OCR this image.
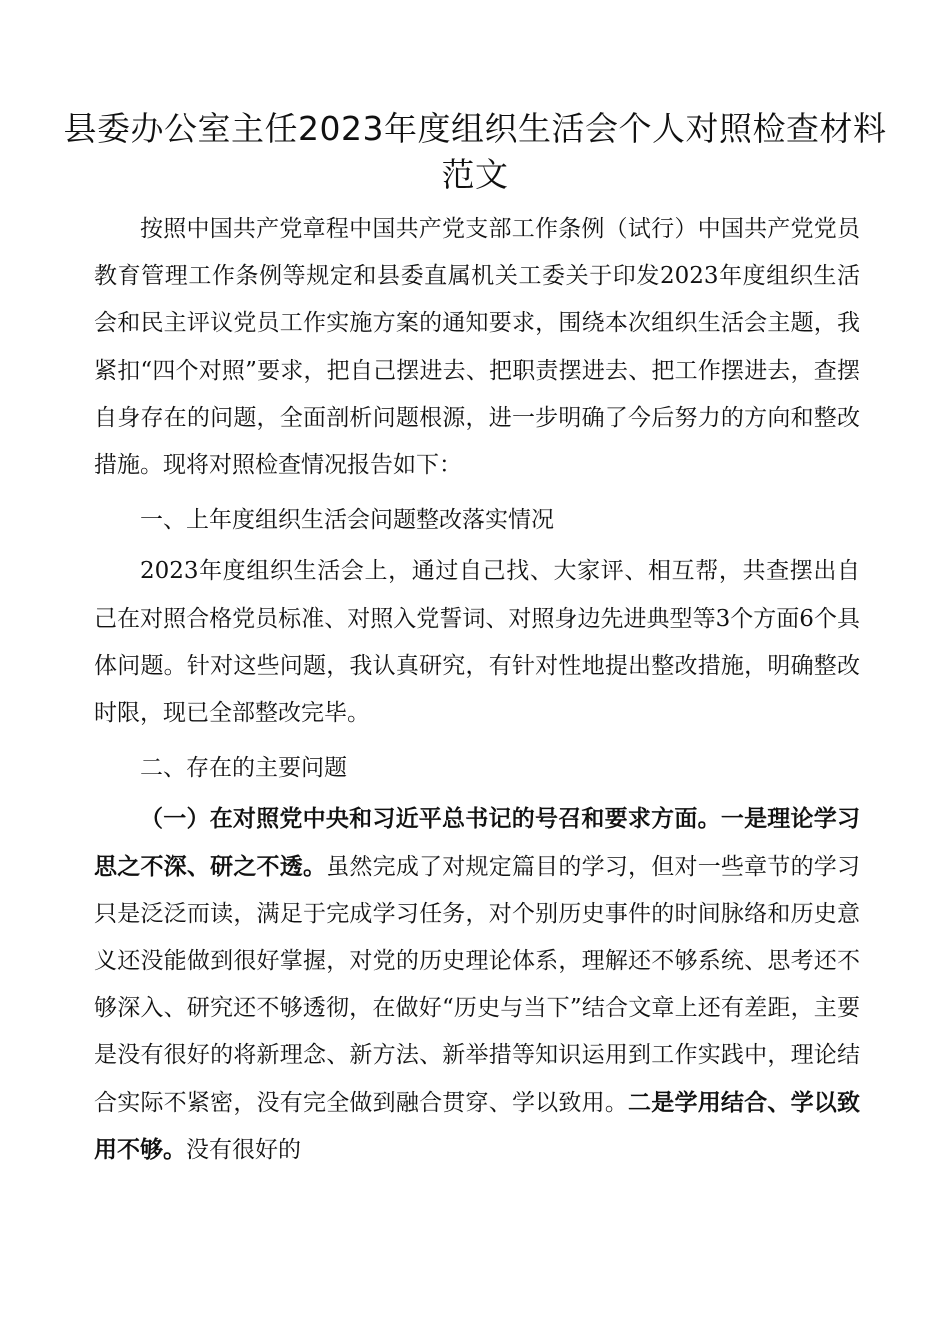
县委办公室主任2023年度组织生活会个人对照检查材料范文

按照中国共产党章程中国共产党支部工作条例（试行）中国共产党党员教育管理工作条例等规定和县委直属机关工委关于印发2023年度组织生活会和民主评议党员工作实施方案的通知要求，围绕本次组织生活会主题，我紧扣“四个对照”要求，把自己摆进去、把职责摆进去、把工作摆进去，查摆自身存在的问题，全面剖析问题根源，进一步明确了今后努力的方向和整改措施。现将对照检查情况报告如下：

一、上年度组织生活会问题整改落实情况

2023年度组织生活会上，通过自己找、大家评、相互帮，共查摆出自己在对照合格党员标准、对照入党誓词、对照身边先进典型等3个方面6个具体问题。针对这些问题，我认真研究，有针对性地提出整改措施，明确整改时限，现已全部整改完毕。

二、存在的主要问题

（一）在对照党中央和习近平总书记的号召和要求方面。一是理论学习思之不深、研之不透。虽然完成了对规定篇目的学习，但对一些章节的学习只是泛泛而读，满足于完成学习任务，对个别历史事件的时间脉络和历史意义还没能做到很好掌握，对党的历史理论体系，理解还不够系统、思考还不够深入、研究还不够透彻，在做好“历史与当下”结合文章上还有差距，主要是没有很好的将新理念、新方法、新举措等知识运用到工作实践中，理论结合实际不紧密，没有完全做到融合贯穿、学以致用。二是学用结合、学以致用不够。没有很好的
